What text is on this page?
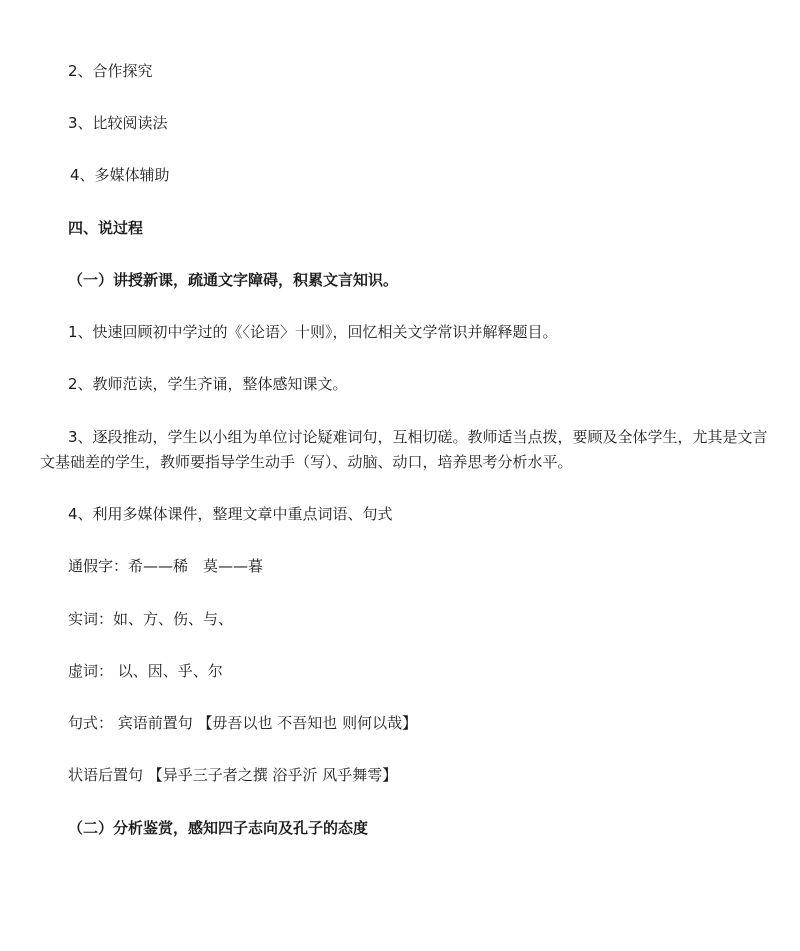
2、合作探究
3、比较阅读法
4、多媒体辅助
四、说过程
（一）讲授新课，疏通文字障碍，积累文言知识。
1、快速回顾初中学过的《〈论语〉十则》，回忆相关文学常识并解释题目。
2、教师范读，学生齐诵，整体感知课文。
3、逐段推动，学生以小组为单位讨论疑难词句，互相切磋。教师适当点拨，要顾及全体学生，尤其是文言
文基础差的学生，教师要指导学生动手（写）、动脑、动口，培养思考分析水平。
4、利用多媒体课件，整理文章中重点词语、句式
通假字：希——稀　莫——暮
实词：如、方、伤、与、
虚词： 以、因、乎、尔
句式： 宾语前置句 【毋吾以也 不吾知也 则何以哉】
状语后置句 【异乎三子者之撰 浴乎沂 风乎舞雩】
（二）分析鉴赏，感知四子志向及孔子的态度
